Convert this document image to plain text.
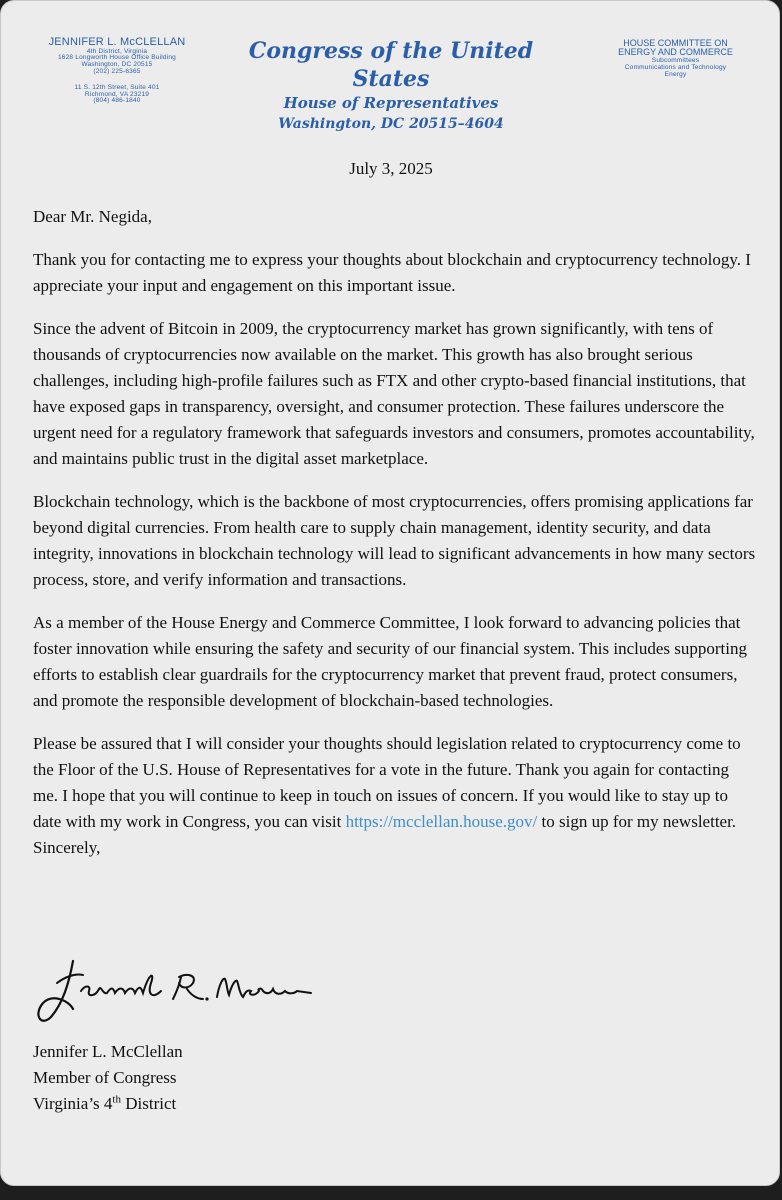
JENNIFER L. McCLELLAN
4th District, Virginia
1628 Longworth House Office Building
Washington, DC 20515
(202) 225-6365
11 S. 12th Street, Suite 401
Richmond, VA 23219
(804) 486-1840
Congress of the United States
House of Representatives
Washington, DC 20515–4604
HOUSE COMMITTEE ON
ENERGY AND COMMERCE
Subcommittees
Communications and Technology
Energy
July 3, 2025

Dear Mr. Negida,

Thank you for contacting me to express your thoughts about blockchain and cryptocurrency technology. I appreciate your input and engagement on this important issue.

Since the advent of Bitcoin in 2009, the cryptocurrency market has grown significantly, with tens of thousands of cryptocurrencies now available on the market. This growth has also brought serious challenges, including high-profile failures such as FTX and other crypto-based financial institutions, that have exposed gaps in transparency, oversight, and consumer protection. These failures underscore the urgent need for a regulatory framework that safeguards investors and consumers, promotes accountability, and maintains public trust in the digital asset marketplace.

Blockchain technology, which is the backbone of most cryptocurrencies, offers promising applications far beyond digital currencies. From health care to supply chain management, identity security, and data integrity, innovations in blockchain technology will lead to significant advancements in how many sectors process, store, and verify information and transactions.

As a member of the House Energy and Commerce Committee, I look forward to advancing policies that foster innovation while ensuring the safety and security of our financial system. This includes supporting efforts to establish clear guardrails for the cryptocurrency market that prevent fraud, protect consumers, and promote the responsible development of blockchain-based technologies.

Please be assured that I will consider your thoughts should legislation related to cryptocurrency come to the Floor of the U.S. House of Representatives for a vote in the future. Thank you again for contacting me. I hope that you will continue to keep in touch on issues of concern. If you would like to stay up to date with my work in Congress, you can visit https://mcclellan.house.gov/ to sign up for my newsletter.

Sincerely,

Jennifer L. McClellan
Member of Congress
Virginia’s 4th District
